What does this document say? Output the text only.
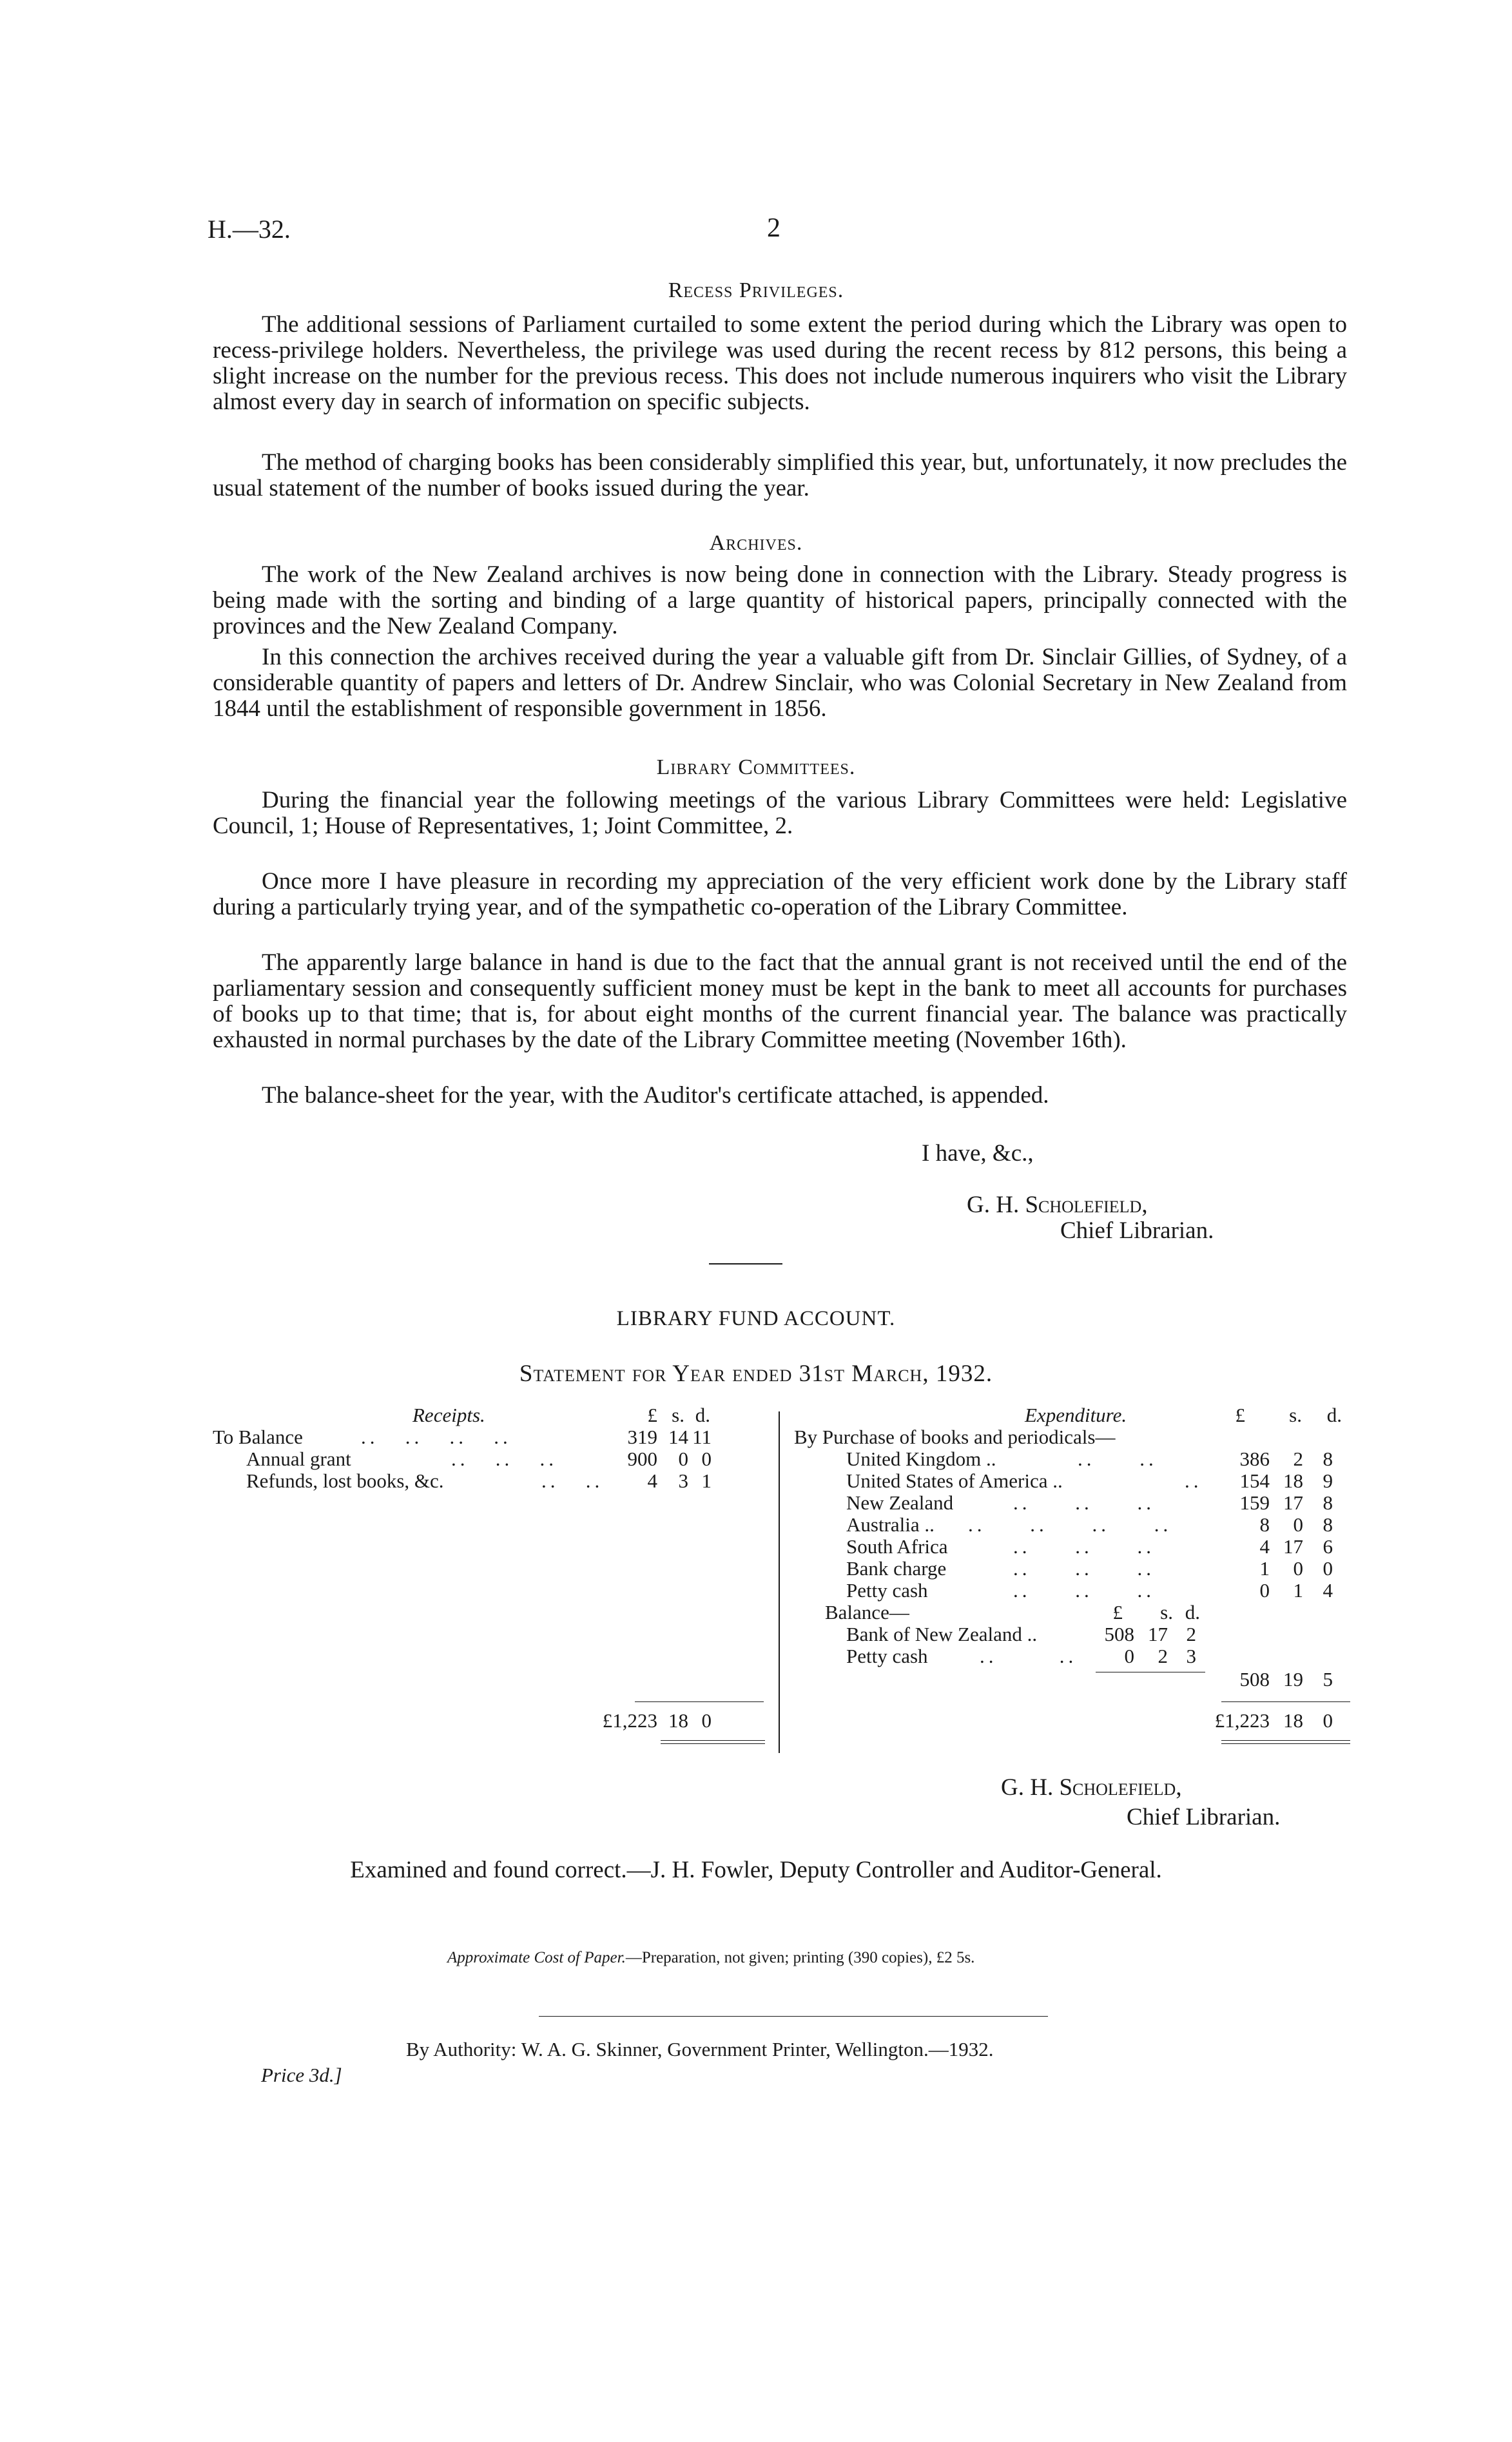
H.—32.	2
Recess Privileges.
The additional sessions of Parliament curtailed to some extent the period during which the Library was open to recess-privilege holders. Nevertheless, the privilege was used during the recent recess by 812 persons, this being a slight increase on the number for the previous recess. This does not include numerous inquirers who visit the Library almost every day in search of information on specific subjects.
The method of charging books has been considerably simplified this year, but, unfortunately, it now precludes the usual statement of the number of books issued during the year.
Archives.
The work of the New Zealand archives is now being done in connection with the Library. Steady progress is being made with the sorting and binding of a large quantity of historical papers, principally connected with the provinces and the New Zealand Company.
In this connection the archives received during the year a valuable gift from Dr. Sinclair Gillies, of Sydney, of a considerable quantity of papers and letters of Dr. Andrew Sinclair, who was Colonial Secretary in New Zealand from 1844 until the establishment of responsible government in 1856.
Library Committees.
During the financial year the following meetings of the various Library Committees were held: Legislative Council, 1; House of Representatives, 1; Joint Committee, 2.
Once more I have pleasure in recording my appreciation of the very efficient work done by the Library staff during a particularly trying year, and of the sympathetic co-operation of the Library Committee.
The apparently large balance in hand is due to the fact that the annual grant is not received until the end of the parliamentary session and consequently sufficient money must be kept in the bank to meet all accounts for purchases of books up to that time; that is, for about eight months of the current financial year. The balance was practically exhausted in normal purchases by the date of the Library Committee meeting (November 16th).
The balance-sheet for the year, with the Auditor's certificate attached, is appended.
I have, &c.,
G. H. Scholefield,
Chief Librarian.
LIBRARY FUND ACCOUNT.
Statement for Year ended 31st March, 1932.
Receipts.	£ s. d.
To Balance	..   ..   ..   ..	319 14 11
Annual grant	..   ..   ..	900	0 0
Refunds, lost books, &c.	..   ..	4	3 1
£1,223 18 0
Expenditure.	£	s.	d.
By Purchase of books and periodicals—
United Kingdom ..	..     ..	386	2 8
United States of America ..	..	154 18 9
New Zealand	..     ..     ..	159 17 8
Australia .. ..     ..     ..     ..	8	0 8
South Africa	..     ..     ..	4 17 6
Bank charge	..     ..     ..	1	0 0
Petty cash	..     ..     ..	0	1 4
Balance—	£	s. d.
Bank of New Zealand ..	508 17 2
Petty cash	..       ..	0	2 3
508 19 5
£1,223 18 0
G. H. Scholefield,
Chief Librarian.
Examined and found correct.—J. H. Fowler, Deputy Controller and Auditor-General.
Approximate Cost of Paper.—Preparation, not given; printing (390 copies), £2 5s.
By Authority: W. A. G. Skinner, Government Printer, Wellington.—1932.
Price 3d.]
